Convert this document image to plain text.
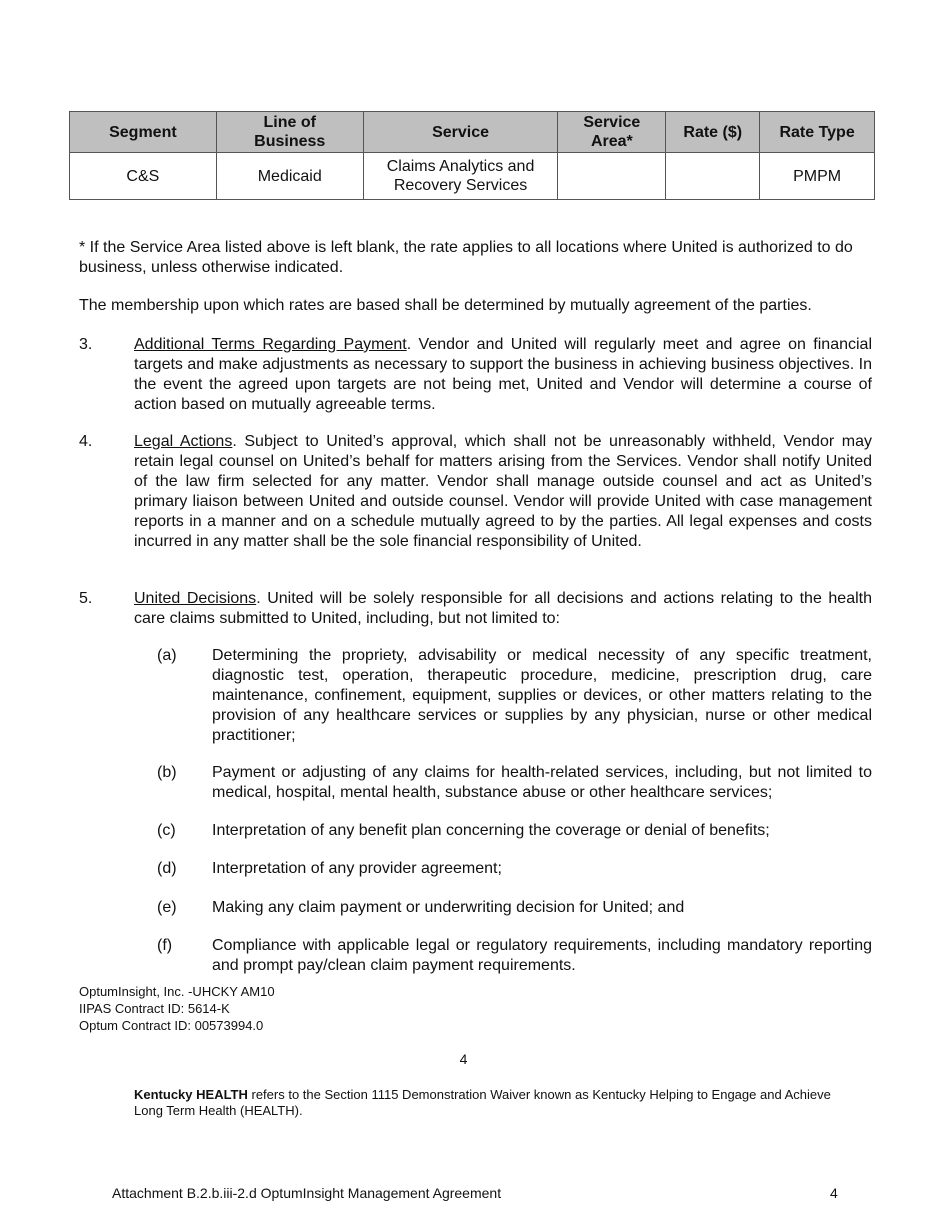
Segment	Line of Business	Service	Service Area*	Rate ($)	Rate Type
C&S	Medicaid	Claims Analytics and Recovery Services			PMPM

* If the Service Area listed above is left blank, the rate applies to all locations where United is authorized to do business, unless otherwise indicated.

The membership upon which rates are based shall be determined by mutually agreement of the parties.

3.	Additional Terms Regarding Payment. Vendor and United will regularly meet and agree on financial targets and make adjustments as necessary to support the business in achieving business objectives. In the event the agreed upon targets are not being met, United and Vendor will determine a course of action based on mutually agreeable terms.
4.	Legal Actions. Subject to United’s approval, which shall not be unreasonably withheld, Vendor may retain legal counsel on United’s behalf for matters arising from the Services. Vendor shall notify United of the law firm selected for any matter. Vendor shall manage outside counsel and act as United’s primary liaison between United and outside counsel. Vendor will provide United with case management reports in a manner and on a schedule mutually agreed to by the parties. All legal expenses and costs incurred in any matter shall be the sole financial responsibility of United.
5.	United Decisions. United will be solely responsible for all decisions and actions relating to the health care claims submitted to United, including, but not limited to:
(a) Determining the propriety, advisability or medical necessity of any specific treatment, diagnostic test, operation, therapeutic procedure, medicine, prescription drug, care maintenance, confinement, equipment, supplies or devices, or other matters relating to the provision of any healthcare services or supplies by any physician, nurse or other medical practitioner;
(b) Payment or adjusting of any claims for health-related services, including, but not limited to medical, hospital, mental health, substance abuse or other healthcare services;
(c) Interpretation of any benefit plan concerning the coverage or denial of benefits;
(d) Interpretation of any provider agreement;
(e) Making any claim payment or underwriting decision for United; and
(f) Compliance with applicable legal or regulatory requirements, including mandatory reporting and prompt pay/clean claim payment requirements.
OptumInsight, Inc. -UHCKY AM10
IIPAS Contract ID: 5614-K
Optum Contract ID: 00573994.0
4
Kentucky HEALTH refers to the Section 1115 Demonstration Waiver known as Kentucky Helping to Engage and Achieve Long Term Health (HEALTH).
Attachment B.2.b.iii-2.d OptumInsight Management Agreement	4
